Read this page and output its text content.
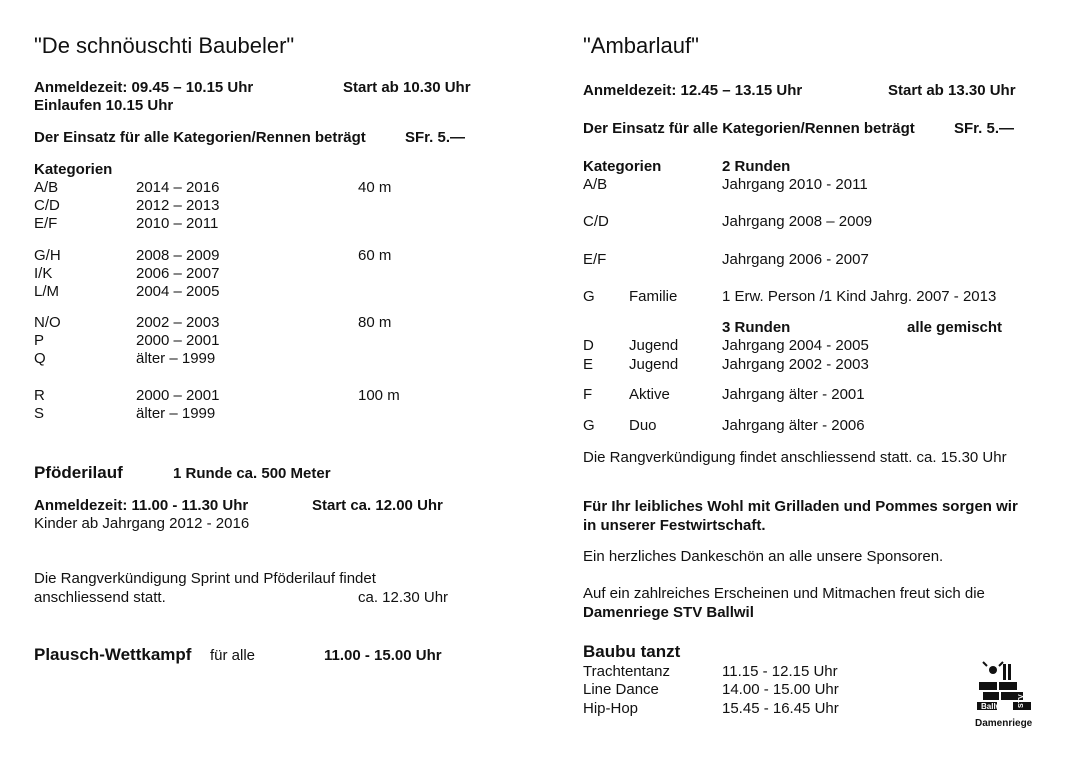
"De schnöuschti Baubeler"
Anmeldezeit: 09.45 – 10.15 Uhr	Start ab 10.30 Uhr
Einlaufen 10.15 Uhr
Der Einsatz für alle Kategorien/Rennen beträgt	SFr. 5.—
Kategorien
A/B	2014 – 2016	40 m
C/D	2012 – 2013
E/F	2010 – 2011
G/H	2008 – 2009	60 m
I/K	2006 – 2007
L/M	2004 – 2005
N/O	2002 – 2003	80 m
P	2000 – 2001
Q	älter – 1999
R	2000 – 2001	100 m
S	älter – 1999
Pföderilauf	1 Runde ca. 500 Meter
Anmeldezeit: 11.00 - 11.30 Uhr	Start ca. 12.00 Uhr
Kinder ab Jahrgang 2012 - 2016
Die Rangverkündigung Sprint und Pföderilauf findet
anschliessend statt.	ca. 12.30 Uhr
Plausch-Wettkampf für alle	11.00 - 15.00 Uhr
"Ambarlauf"
Anmeldezeit: 12.45 – 13.15 Uhr	Start ab 13.30 Uhr
Der Einsatz für alle Kategorien/Rennen beträgt	SFr. 5.—
Kategorien	2 Runden
A/B	Jahrgang 2010 - 2011
C/D	Jahrgang 2008 – 2009
E/F	Jahrgang 2006 - 2007
G Familie	1 Erw. Person /1 Kind Jahrg. 2007 - 2013
3 Runden	alle gemischt
D Jugend	Jahrgang 2004 - 2005
E Jugend	Jahrgang 2002 - 2003
F Aktive	Jahrgang älter - 2001
G Duo	Jahrgang älter - 2006
Die Rangverkündigung findet anschliessend statt. ca. 15.30 Uhr
Für Ihr leibliches Wohl mit Grilladen und Pommes sorgen wir
in unserer Festwirtschaft.
Ein herzliches Dankeschön an alle unsere Sponsoren.
Auf ein zahlreiches Erscheinen und Mitmachen freut sich die
Damenriege STV Ballwil
Baubu tanzt
Trachtentanz	11.15 - 12.15 Uhr
Line Dance	14.00 - 15.00 Uhr
Hip-Hop	15.45 - 16.45 Uhr	STV
Ballwil
Damenriege
